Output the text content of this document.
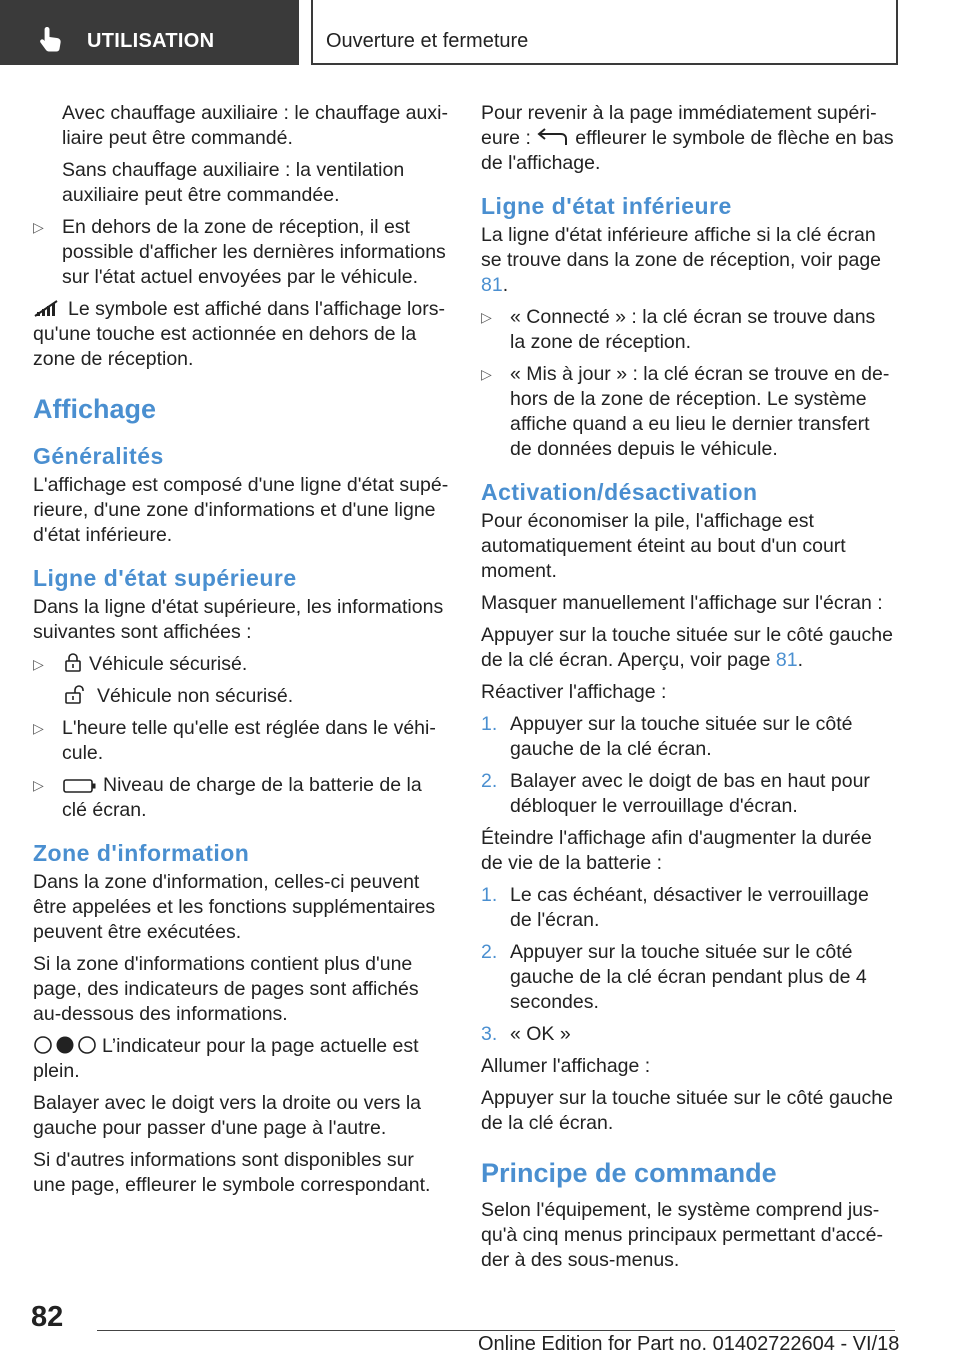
UTILISATION	Ouverture et fermeture

Avec chauffage auxiliaire : le chauffage auxiliaire peut être commandé.

Sans chauffage auxiliaire : la ventilation auxiliaire peut être commandée.

▷ En dehors de la zone de réception, il est possible d'afficher les dernières informations sur l'état actuel envoyées par le véhicule.

Le symbole est affiché dans l'affichage lorsqu'une touche est actionnée en dehors de la zone de réception.

Affichage
Généralités

L'affichage est composé d'une ligne d'état supérieure, d'une zone d'informations et d'une ligne d'état inférieure.

Ligne d'état supérieure

Dans la ligne d'état supérieure, les informations suivantes sont affichées :

▷ Véhicule sécurisé.

Véhicule non sécurisé.

▷ L'heure telle qu'elle est réglée dans le véhicule.
▷	Niveau de charge de la batterie de la clé écran.
Zone d'information

Dans la zone d'information, celles-ci peuvent être appelées et les fonctions supplémentaires peuvent être exécutées.

Si la zone d'informations contient plus d'une page, des indicateurs de pages sont affichés au-dessous des informations.

L’indicateur pour la page actuelle est plein.

Balayer avec le doigt vers la droite ou vers la gauche pour passer d'une page à l'autre.

Si d'autres informations sont disponibles sur une page, effleurer le symbole correspondant.

Pour revenir à la page immédiatement supérieure : effleurer le symbole de flèche en bas de l'affichage.

Ligne d'état inférieure

La ligne d'état inférieure affiche si la clé écran se trouve dans la zone de réception, voir page 81.

▷ « Connecté » : la clé écran se trouve dans la zone de réception.
▷ « Mis à jour » : la clé écran se trouve en dehors de la zone de réception. Le système affiche quand a eu lieu le dernier transfert de données depuis le véhicule.
Activation/désactivation

Pour économiser la pile, l'affichage est automatiquement éteint au bout d'un court moment.

Masquer manuellement l'affichage sur l'écran :

Appuyer sur la touche située sur le côté gauche de la clé écran. Aperçu, voir page 81.

Réactiver l'affichage :

1. Appuyer sur la touche située sur le côté gauche de la clé écran.
2. Balayer avec le doigt de bas en haut pour débloquer le verrouillage d'écran.

Éteindre l'affichage afin d'augmenter la durée de vie de la batterie :

1. Le cas échéant, désactiver le verrouillage de l'écran.
2. Appuyer sur la touche située sur le côté gauche de la clé écran pendant plus de 4 secondes.
3. « OK »

Allumer l'affichage :

Appuyer sur la touche située sur le côté gauche de la clé écran.

Principe de commande

Selon l'équipement, le système comprend jusqu'à cinq menus principaux permettant d'accéder à des sous-menus.

82
Online Edition for Part no. 01402722604 - VI/18
